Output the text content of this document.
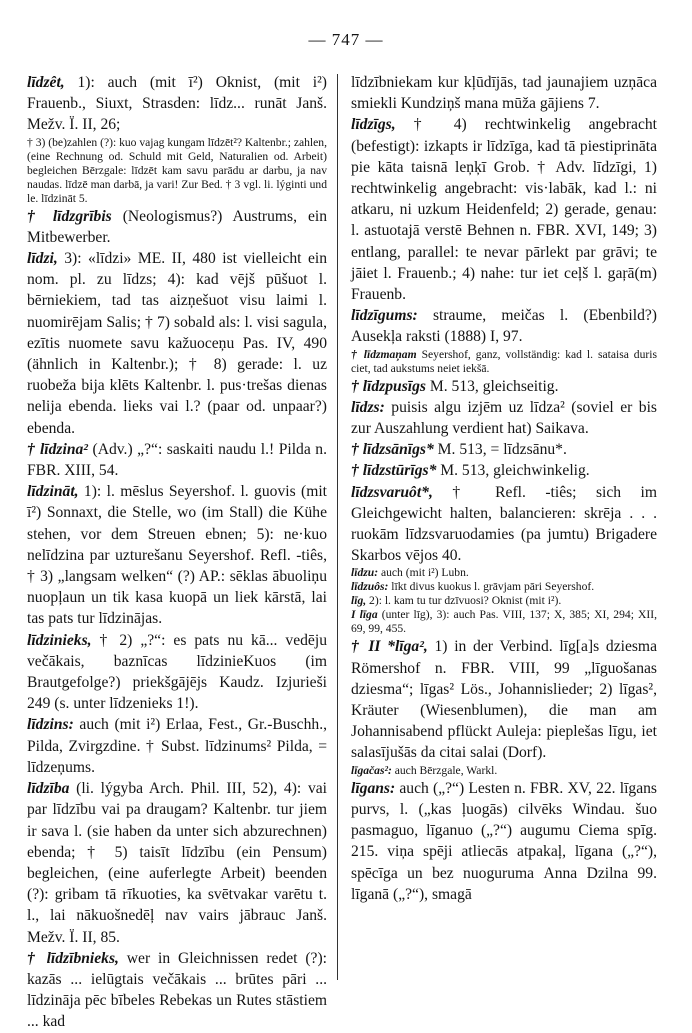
— 747 —

līdzêt, 1): auch (mit ī²) Oknist, (mit i²) Frauenb., Siuxt, Strasden: līdz... runāt Janš. Mežv. Ï. II, 26;

† 3) (be)zahlen (?): kuo vajag kungam līdzēt²? Kaltenbr.; zahlen, (eine Rechnung od. Schuld mit Geld, Naturalien od. Arbeit) begleichen Bērzgale: līdzēt kam savu parādu ar darbu, ja nav naudas. līdzē man darbā, ja vari! Zur Bed. † 3 vgl. li. lýginti und le. līdzināt 5.

† līdzgrībis (Neologismus?) Austrums, ein Mitbewerber.

līdzi, 3): «līdzi» ME. II, 480 ist vielleicht ein nom. pl. zu līdzs; 4): kad vējš pūšuot l. bērniekiem, tad tas aizņešuot visu laimi l. nuomirējam Salis; † 7) sobald als: l. visi sagula, ezītis nuomete savu kažuoceņu Pas. IV, 490 (ähnlich in Kaltenbr.); † 8) gerade: l. uz ruobeža bija klēts Kaltenbr. l. pus·trešas dienas nelija ebenda. lieks vai l.? (paar od. unpaar?) ebenda.

† līdzina² (Adv.) „?“: saskaiti naudu l.! Pilda n. FBR. XIII, 54.

līdzināt, 1): l. mēslus Seyershof. l. guovis (mit ī²) Sonnaxt, die Stelle, wo (im Stall) die Kühe stehen, vor dem Streuen ebnen; 5): ne·kuo nelīdzina par uzturešanu Seyershof. Refl. -tiês, † 3) „langsam welken“ (?) AP.: sēklas ābuoliņu nuopļaun un tik kasa kuopā un liek kārstā, lai tas pats tur līdzinājas.

līdzinieks, † 2) „?“: es pats nu kā... vedēju večākais, baznīcas līdzinieKuos (im Brautgefolge?) priekšgājējs Kaudz. Izjurieši 249 (s. unter līdzenieks 1!).

līdzins: auch (mit i²) Erlaa, Fest., Gr.-Buschh., Pilda, Zvirgzdine. † Subst. līdzinums² Pilda, = līdzeņums.

līdzība (li. lýgyba Arch. Phil. III, 52), 4): vai par līdzību vai pa draugam? Kaltenbr. tur jiem ir sava l. (sie haben da unter sich abzurechnen) ebenda; † 5) taisīt līdzību (ein Pensum) begleichen, (eine auferlegte Arbeit) beenden (?): gribam tā rīkuoties, ka svētvakar varētu t. l., lai nākuošnedēļ nav vairs jābrauc Janš. Mežv. Ï. II, 85.

† līdzībnieks, wer in Gleichnissen redet (?): kazās ... ielūgtais večākais ... brūtes pāri ... līdzināja pēc bībeles Rebekas un Rutes stāstiem ... kad

līdzībniekam kur kļūdījās, tad jaunajiem uzņāca smiekli Kundziņš mana mūža gājiens 7.

līdzīgs, † 4) rechtwinkelig angebracht (befestigt): izkapts ir līdzīga, kad tā piestiprināta pie kāta taisnā leņķī Grob. † Adv. līdzīgi, 1) rechtwinkelig angebracht: vis·labāk, kad l.: ni atkaru, ni uzkum Heidenfeld; 2) gerade, genau: l. astuotajā verstē Behnen n. FBR. XVI, 149; 3) entlang, parallel: te nevar pārlekt par grāvi; te jāiet l. Frauenb.; 4) nahe: tur iet ceļš l. gaŗā(m) Frauenb.

līdzīgums: straume, meičas l. (Ebenbild?) Ausekļa raksti (1888) I, 97.

† līdzmaņam Seyershof, ganz, vollständig: kad l. sataisa duris ciet, tad aukstums neiet iekšā.

† līdzpusīgs M. 513, gleichseitig.

līdzs: puisis algu izjēm uz līdza² (soviel er bis zur Auszahlung verdient hat) Saikava.

† līdzsānīgs* M. 513, = līdzsānu*.

† līdzstūrīgs* M. 513, gleichwinkelig.

līdzsvaruôt*, † Refl. -tiês; sich im Gleichgewicht halten, balancieren: skrēja . . . ruokām līdzsvaruodamies (pa jumtu) Brigadere Skarbos vējos 40.

līdzu: auch (mit i²) Lubn.

līdzuôs: līkt divus kuokus l. grāvjam pāri Seyershof.

līg, 2): l. kam tu tur dzīvuosi? Oknist (mit i²).

I līga (unter līg), 3): auch Pas. VIII, 137; X, 385; XI, 294; XII, 69, 99, 455.

† II *līga², 1) in der Verbind. līg[a]s dziesma Römershof n. FBR. VIII, 99 „līguošanas dziesma“; līgas² Lös., Johannislieder; 2) līgas², Kräuter (Wiesenblumen), die man am Johannisabend pflückt Auleja: pieplešas līgu, iet salasījušās da citai salai (Dorf).

līgačas²: auch Bērzgale, Warkl.

līgans: auch („?“) Lesten n. FBR. XV, 22. līgans purvs, l. („kas ļuogās) cilvēks Windau. šuo pasmaguo, līganuo („?“) augumu Ciema spīg. 215. viņa spēji atliecās atpakaļ, līgana („?“), spēcīga un bez nuogurumа Anna Dzilna 99. līganā („?“), smagā
